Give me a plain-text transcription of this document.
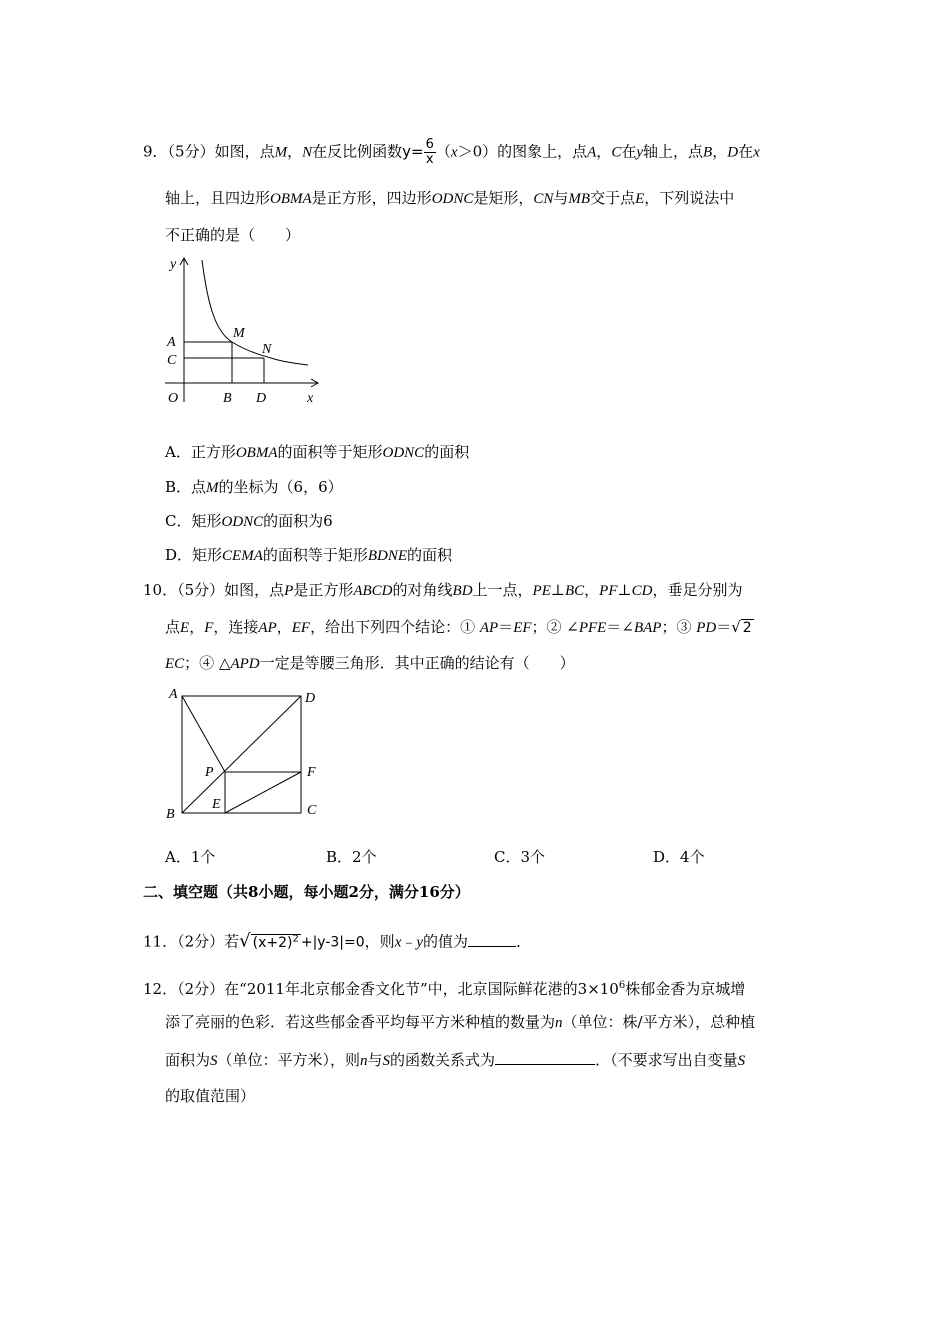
9．（5分）如图，点M，N在反比例函数$y= \frac{6}{x} (x>0)$的图象上，点A，C在y轴上，点B，D在x
轴上，且四边形OBMA是正方形，四边形ODNC是矩形，CN与MB交于点E，下列说法中
不正确的是（　　）
y
A
M
C
N
O	B D	x
A．正方形OBMA的面积等于矩形ODNC的面积
B．点M的坐标为（6，6）
C．矩形ODNC的面积为6
D．矩形CEMA的面积等于矩形BDNE的面积
10．（5分）如图，点P是正方形ABCD的对角线BD上一点，PE⊥BC，PF⊥CD，垂足分别为
点E，F，连接AP，EF，给出下列四个结论：① AP＝EF；② ∠PFE＝∠BAP；③ PD＝√ 2
EC；④ △APD一定是等腰三角形．其中正确的结论有（　　）
A	D
P	F
B
E	C
A．1个	B．2个	C．3个	D．4个
二、填空题（共8小题，每小题2分，满分16分）
11．（2分）若√ $(x+2)^2 +|y-3|=0$，则x﹣y的值为	．
12．（2分）在“2011年北京郁金香文化节”中，北京国际鲜花港的$3\times 10^6$株郁金香为京城增
添了亮丽的色彩．若这些郁金香平均每平方米种植的数量为n（单位：株/平方米），总种植
面积为S（单位：平方米），则n与S的函数关系式为	．（不要求写出自变量S
的取值范围）
